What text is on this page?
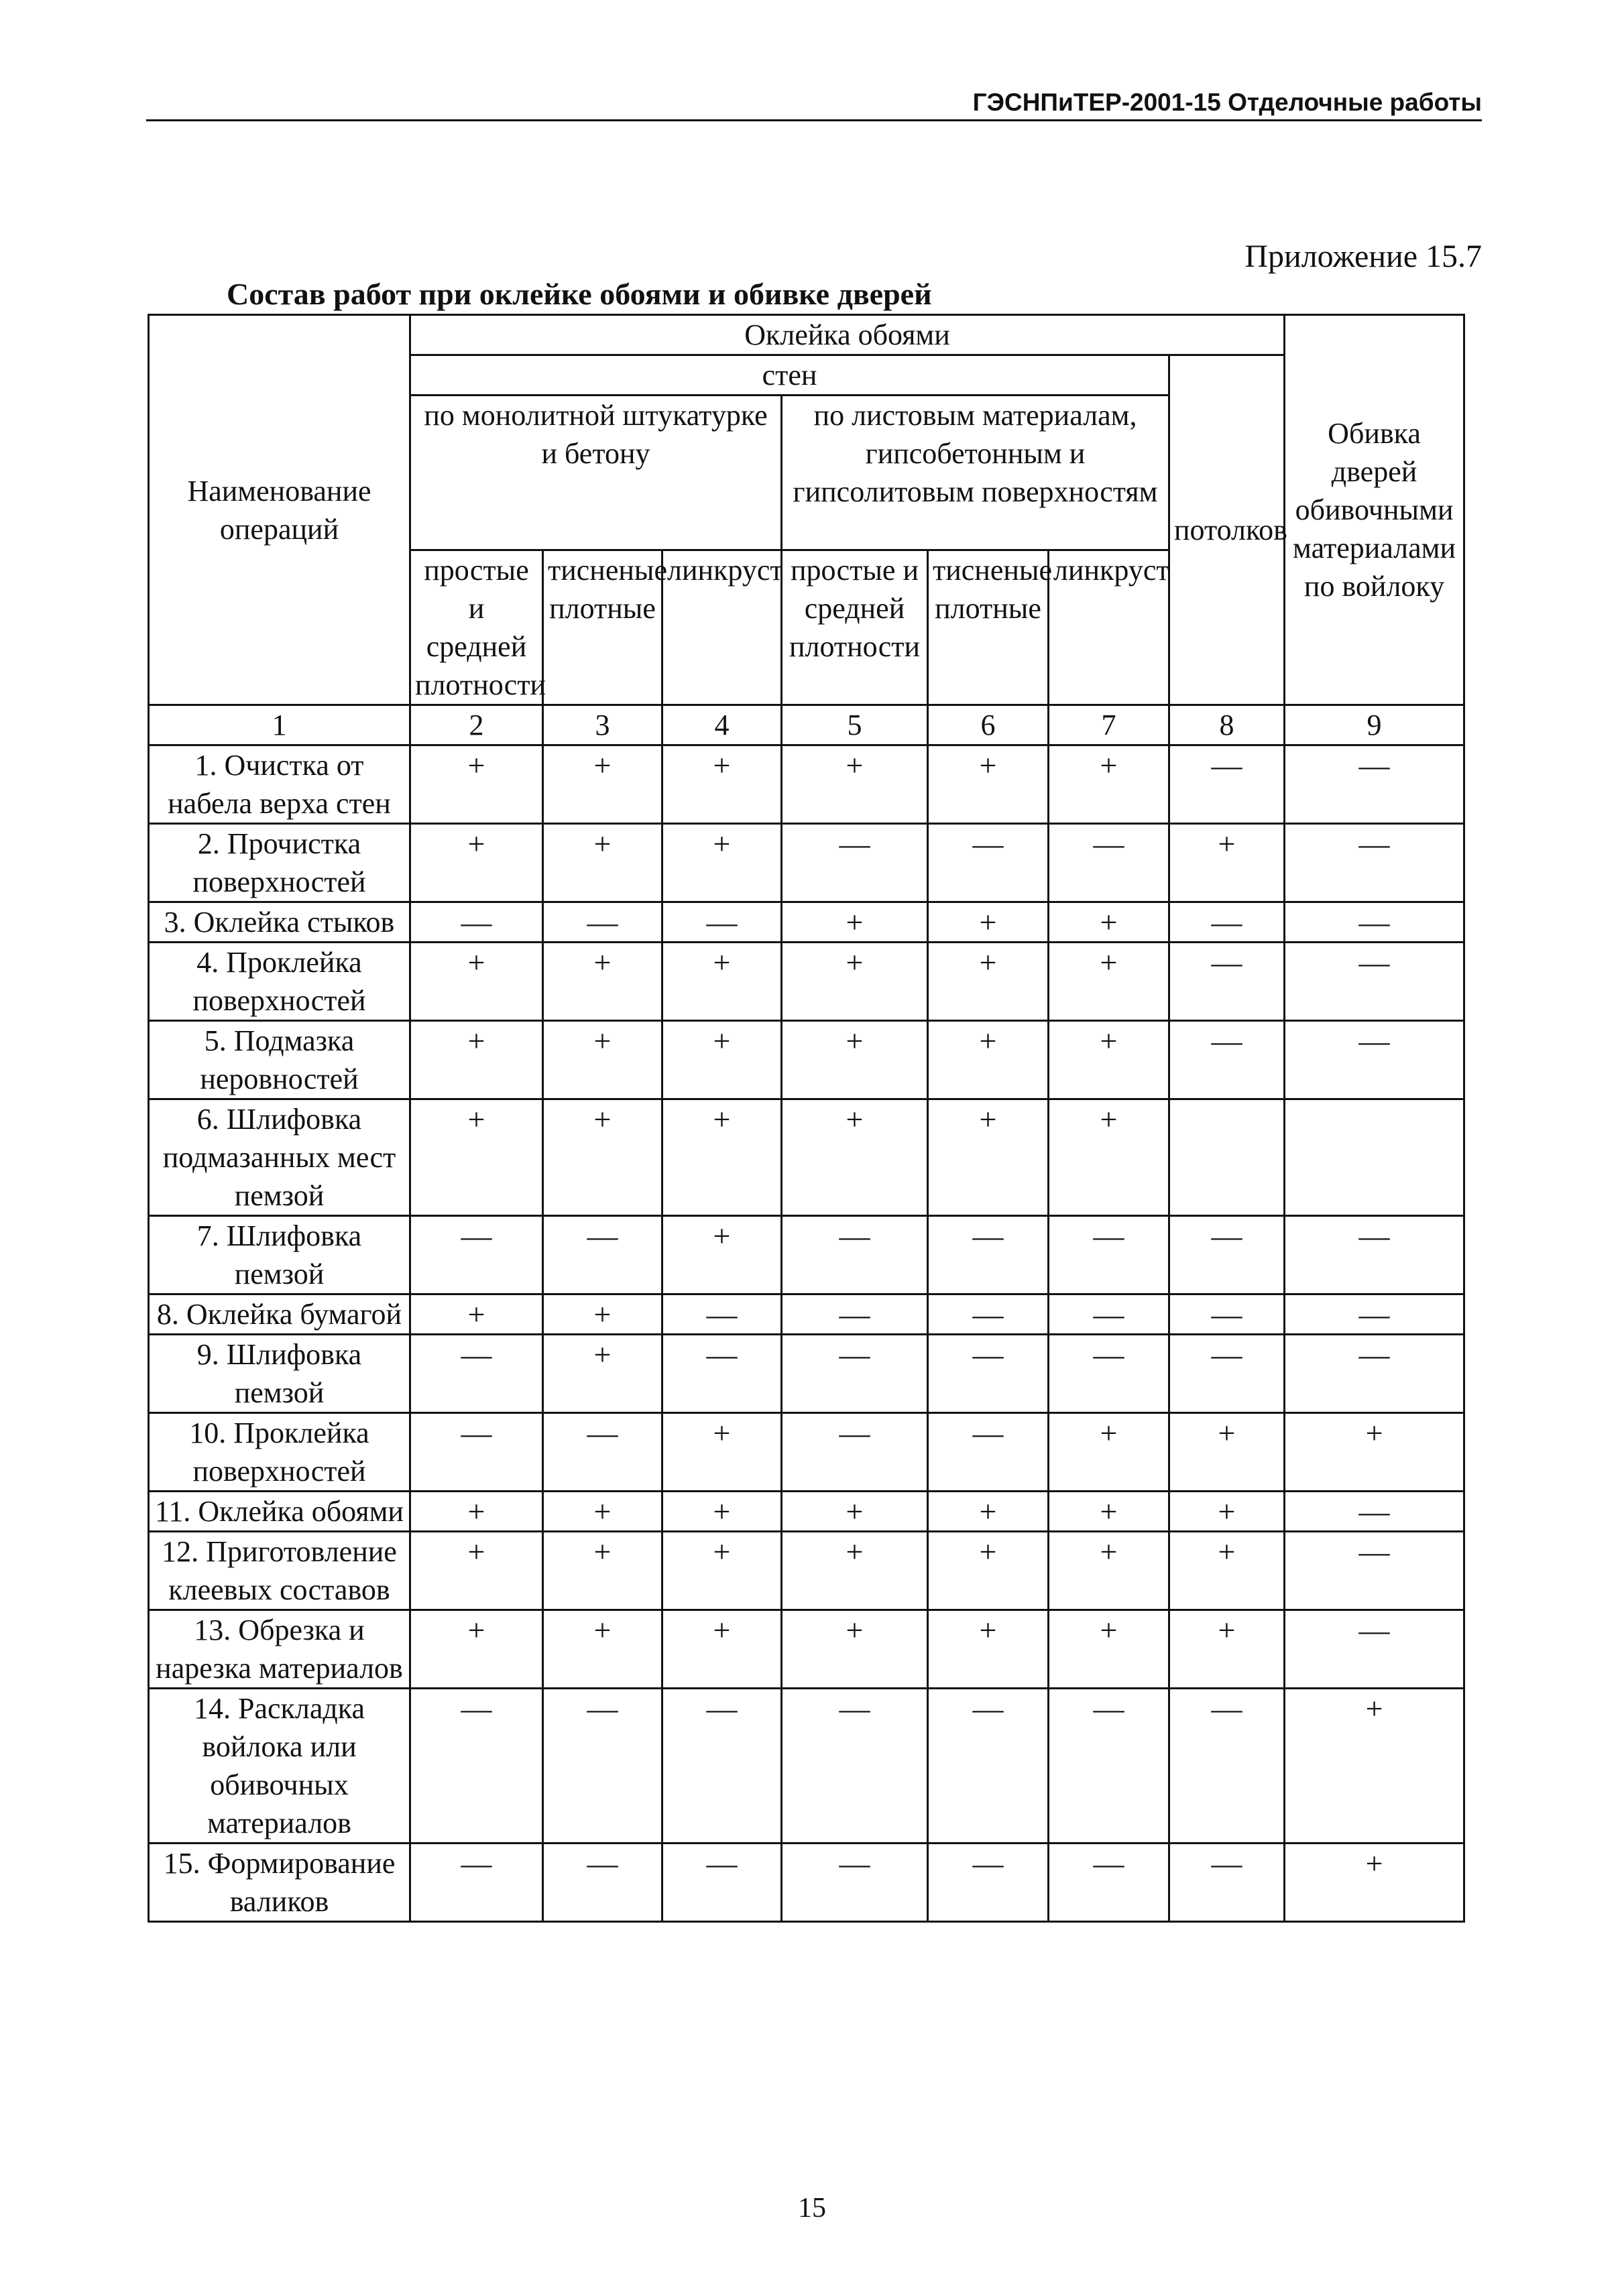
ГЭСНПиТЕР-2001-15 Отделочные работы
Приложение 15.7
Состав работ при оклейке обоями и обивке дверей
Наименование операций	Оклейка обоями							Обивка дверей обивочными материалами по войлоку
	стен						потолков	
	по монолитной штукатурке и бетону			по листовым материалам, гипсобетонным и гипсолитовым поверхностям				
	простые и средней плотности	тисненые плотные	линкруст	простые и средней плотности	тисненые плотные	линкруст		
1	2	3	4	5	6	7	8	9
1. Очистка от набела верха стен	+	+	+	+	+	+	—	—
2. Прочистка поверхностей	+	+	+	—	—	—	+	—
3. Оклейка стыков	—	—	—	+	+	+	—	—
4. Проклейка поверхностей	+	+	+	+	+	+	—	—
5. Подмазка неровностей	+	+	+	+	+	+	—	—
6. Шлифовка подмазанных мест пемзой	+	+	+	+	+	+		
7. Шлифовка пемзой	—	—	+	—	—	—	—	—
8. Оклейка бумагой	+	+	—	—	—	—	—	—
9. Шлифовка пемзой	—	+	—	—	—	—	—	—
10. Проклейка поверхностей	—	—	+	—	—	+	+	+
11. Оклейка обоями	+	+	+	+	+	+	+	—
12. Приготовление клеевых составов	+	+	+	+	+	+	+	—
13. Обрезка и нарезка материалов	+	+	+	+	+	+	+	—
14. Раскладка войлока или обивочных материалов	—	—	—	—	—	—	—	+
15. Формирование валиков	—	—	—	—	—	—	—	+
15
